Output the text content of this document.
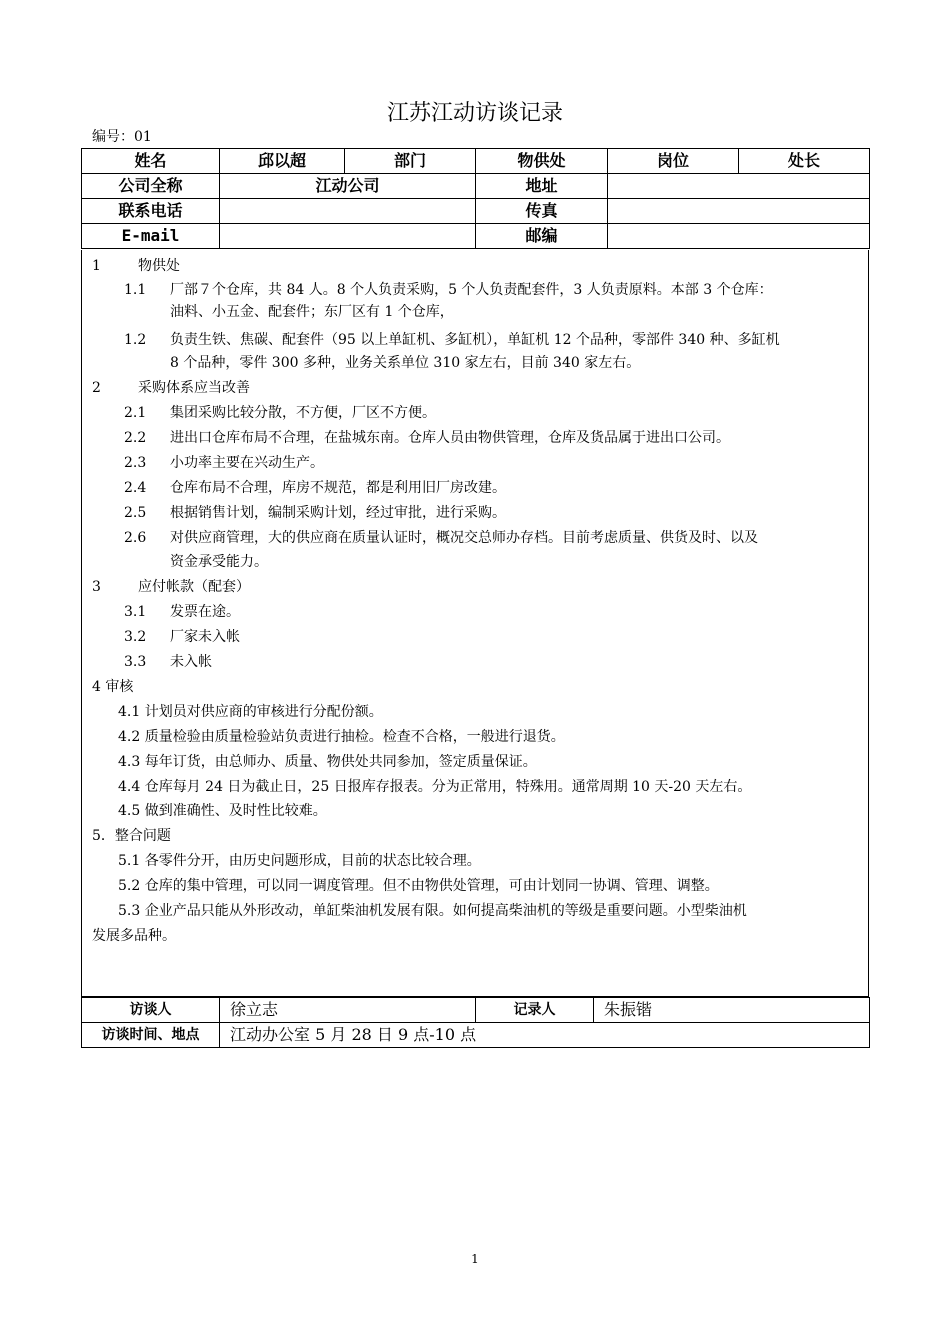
江苏江动访谈记录
编号：01
姓名	邱以超	部门	物供处	岗位	处长
公司全称	江动公司		地址		
联系电话			传真		
E-mail			邮编		
1	物供处
1.1 厂部７个仓库，共 84 人。8 个人负责采购，5 个人负责配套件，3 人负责原料。本部 3 个仓库：
油料、小五金、配套件；东厂区有 1 个仓库，
1.2 负责生铁、焦碳、配套件（95 以上单缸机、多缸机），单缸机 12 个品种，零部件 340 种、多缸机
8 个品种，零件 300 多种，业务关系单位 310 家左右，目前 340 家左右。
2	采购体系应当改善
2.1 集团采购比较分散，不方便，厂区不方便。
2.2 进出口仓库布局不合理，在盐城东南。仓库人员由物供管理，仓库及货品属于进出口公司。
2.3 小功率主要在兴动生产。
2.4 仓库布局不合理，库房不规范，都是利用旧厂房改建。
2.5 根据销售计划，编制采购计划，经过审批，进行采购。
2.6 对供应商管理，大的供应商在质量认证时，概况交总师办存档。目前考虑质量、供货及时、以及
资金承受能力。
3	应付帐款（配套）
3.1 发票在途。
3.2 厂家未入帐
3.3 未入帐
4 审核
4.1 计划员对供应商的审核进行分配份额。
4.2 质量检验由质量检验站负责进行抽检。检查不合格，一般进行退货。
4.3 每年订货，由总师办、质量、物供处共同参加，签定质量保证。
4.4 仓库每月 24 日为截止日，25 日报库存报表。分为正常用，特殊用。通常周期 10 天-20 天左右。
4.5 做到准确性、及时性比较难。
5．整合问题
5.1 各零件分开，由历史问题形成，目前的状态比较合理。
5.2 仓库的集中管理，可以同一调度管理。但不由物供处管理，可由计划同一协调、管理、调整。
5.3 企业产品只能从外形改动，单缸柴油机发展有限。如何提高柴油机的等级是重要问题。小型柴油机
发展多品种。
访谈人	徐立志	记录人	朱振锴
访谈时间、地点	江动办公室 5 月 28 日 9 点-10 点		
1
